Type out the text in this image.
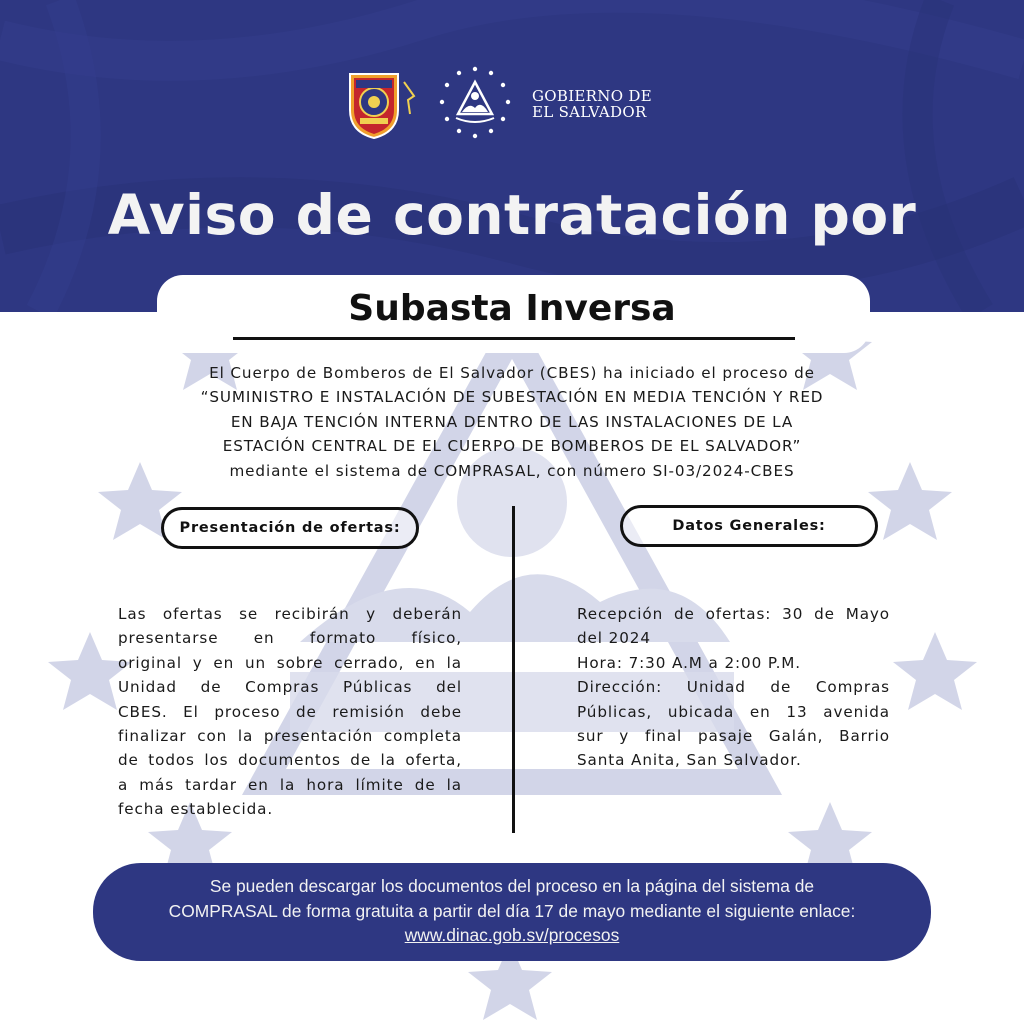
GOBIERNO DE
EL SALVADOR
Aviso de contratación por
Subasta Inversa
El Cuerpo de Bomberos de El Salvador (CBES) ha iniciado el proceso de
“SUMINISTRO E INSTALACIÓN DE SUBESTACIÓN EN MEDIA TENCIÓN Y RED
EN BAJA TENCIÓN INTERNA DENTRO DE LAS INSTALACIONES DE LA
ESTACIÓN CENTRAL DE EL CUERPO DE BOMBEROS DE EL SALVADOR”
mediante el sistema de COMPRASAL, con número SI-03/2024-CBES
Presentación de ofertas:	Datos Generales:
Las ofertas se recibirán y deberán
presentarse en formato físico,
original y en un sobre cerrado, en la
Unidad de Compras Públicas del
CBES. El proceso de remisión debe
finalizar con la presentación completa
de todos los documentos de la oferta,
a más tardar en la hora límite de la
fecha establecida.
Recepción de ofertas: 30 de Mayo
del 2024
Hora: 7:30 A.M a 2:00 P.M.
Dirección: Unidad de Compras
Públicas, ubicada en 13 avenida
sur y final pasaje Galán, Barrio
Santa Anita, San Salvador.
Se pueden descargar los documentos del proceso en la página del sistema de
COMPRASAL de forma gratuita a partir del día 17 de mayo mediante el siguiente enlace:
www.dinac.gob.sv/procesos
